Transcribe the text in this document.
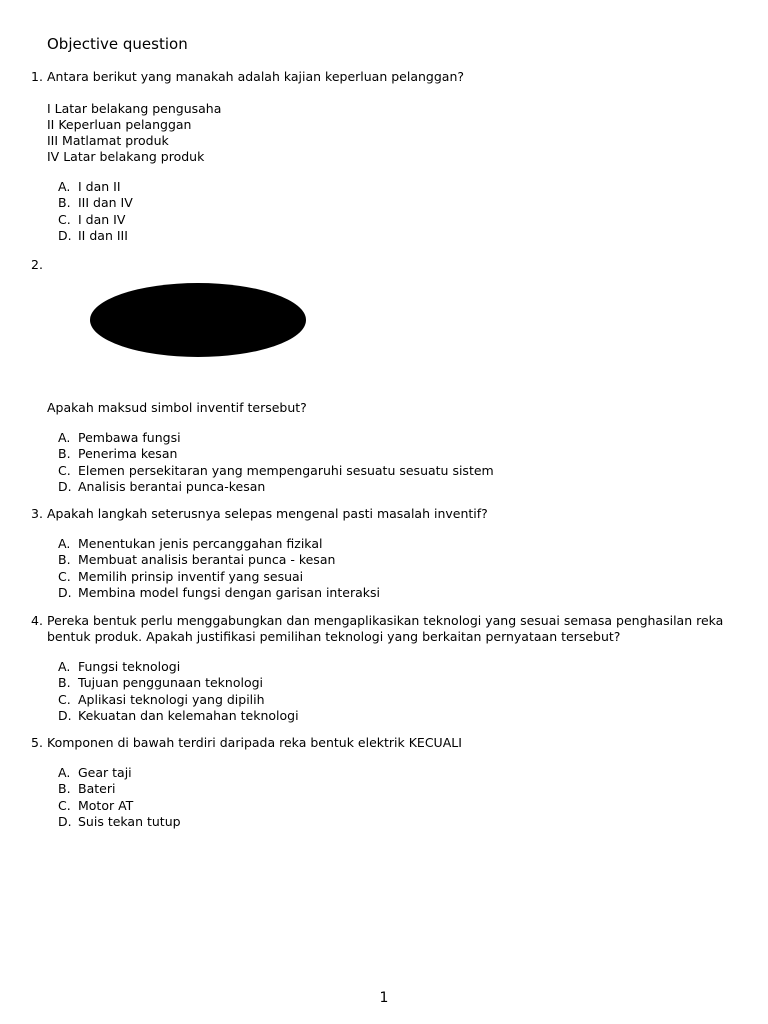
Objective question
1. Antara berikut yang manakah adalah kajian keperluan pelanggan?
I Latar belakang pengusaha
II Keperluan pelanggan
III Matlamat produk
IV Latar belakang produk
A. I dan II
B. III dan IV
C. I dan IV
D. II dan III
2.
Apakah maksud simbol inventif tersebut?
A. Pembawa fungsi
B. Penerima kesan
C. Elemen persekitaran yang mempengaruhi sesuatu sesuatu sistem
D. Analisis berantai punca-kesan
3. Apakah langkah seterusnya selepas mengenal pasti masalah inventif?
A. Menentukan jenis percanggahan fizikal
B. Membuat analisis berantai punca - kesan
C. Memilih prinsip inventif yang sesuai
D. Membina model fungsi dengan garisan interaksi
4. Pereka bentuk perlu menggabungkan dan mengaplikasikan teknologi yang sesuai semasa penghasilan reka
bentuk produk. Apakah justifikasi pemilihan teknologi yang berkaitan pernyataan tersebut?
A. Fungsi teknologi
B. Tujuan penggunaan teknologi
C. Aplikasi teknologi yang dipilih
D. Kekuatan dan kelemahan teknologi
5. Komponen di bawah terdiri daripada reka bentuk elektrik KECUALI
A. Gear taji
B. Bateri
C. Motor AT
D. Suis tekan tutup
1
